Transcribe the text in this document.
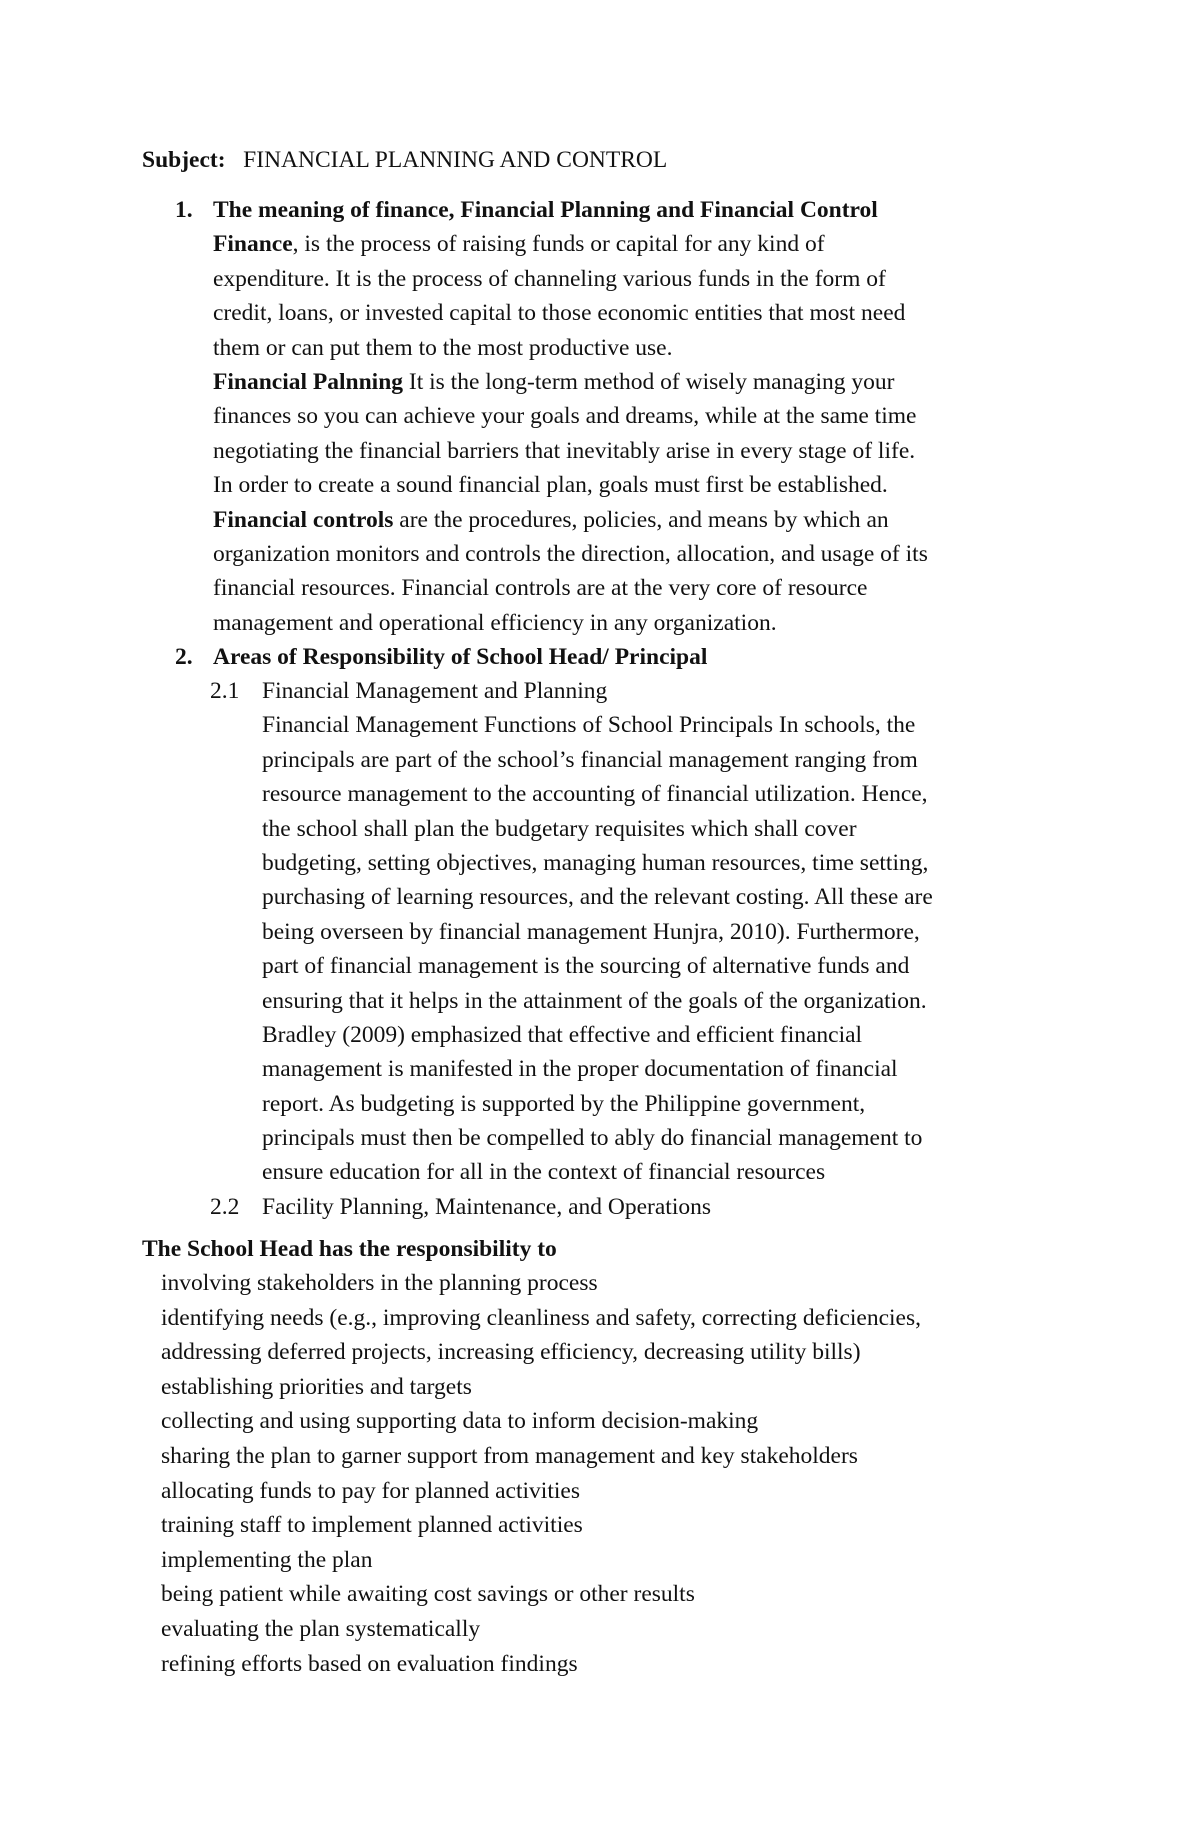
Subject: FINANCIAL PLANNING AND CONTROL
1. The meaning of finance, Financial Planning and Financial Control
Finance, is the process of raising funds or capital for any kind of
expenditure. It is the process of channeling various funds in the form of
credit, loans, or invested capital to those economic entities that most need
them or can put them to the most productive use.
Financial Palnning It is the long-term method of wisely managing your
finances so you can achieve your goals and dreams, while at the same time
negotiating the financial barriers that inevitably arise in every stage of life.
In order to create a sound financial plan, goals must first be established.
Financial controls are the procedures, policies, and means by which an
organization monitors and controls the direction, allocation, and usage of its
financial resources. Financial controls are at the very core of resource
management and operational efficiency in any organization.
2. Areas of Responsibility of School Head/ Principal
2.1 Financial Management and Planning
Financial Management Functions of School Principals In schools, the
principals are part of the school’s financial management ranging from
resource management to the accounting of financial utilization. Hence,
the school shall plan the budgetary requisites which shall cover
budgeting, setting objectives, managing human resources, time setting,
purchasing of learning resources, and the relevant costing. All these are
being overseen by financial management Hunjra, 2010). Furthermore,
part of financial management is the sourcing of alternative funds and
ensuring that it helps in the attainment of the goals of the organization.
Bradley (2009) emphasized that effective and efficient financial
management is manifested in the proper documentation of financial
report. As budgeting is supported by the Philippine government,
principals must then be compelled to ably do financial management to
ensure education for all in the context of financial resources
2.2 Facility Planning, Maintenance, and Operations
The School Head has the responsibility to
involving stakeholders in the planning process
identifying needs (e.g., improving cleanliness and safety, correcting deficiencies,
addressing deferred projects, increasing efficiency, decreasing utility bills)
establishing priorities and targets
collecting and using supporting data to inform decision-making
sharing the plan to garner support from management and key stakeholders
allocating funds to pay for planned activities
training staff to implement planned activities
implementing the plan
being patient while awaiting cost savings or other results
evaluating the plan systematically
refining efforts based on evaluation findings
